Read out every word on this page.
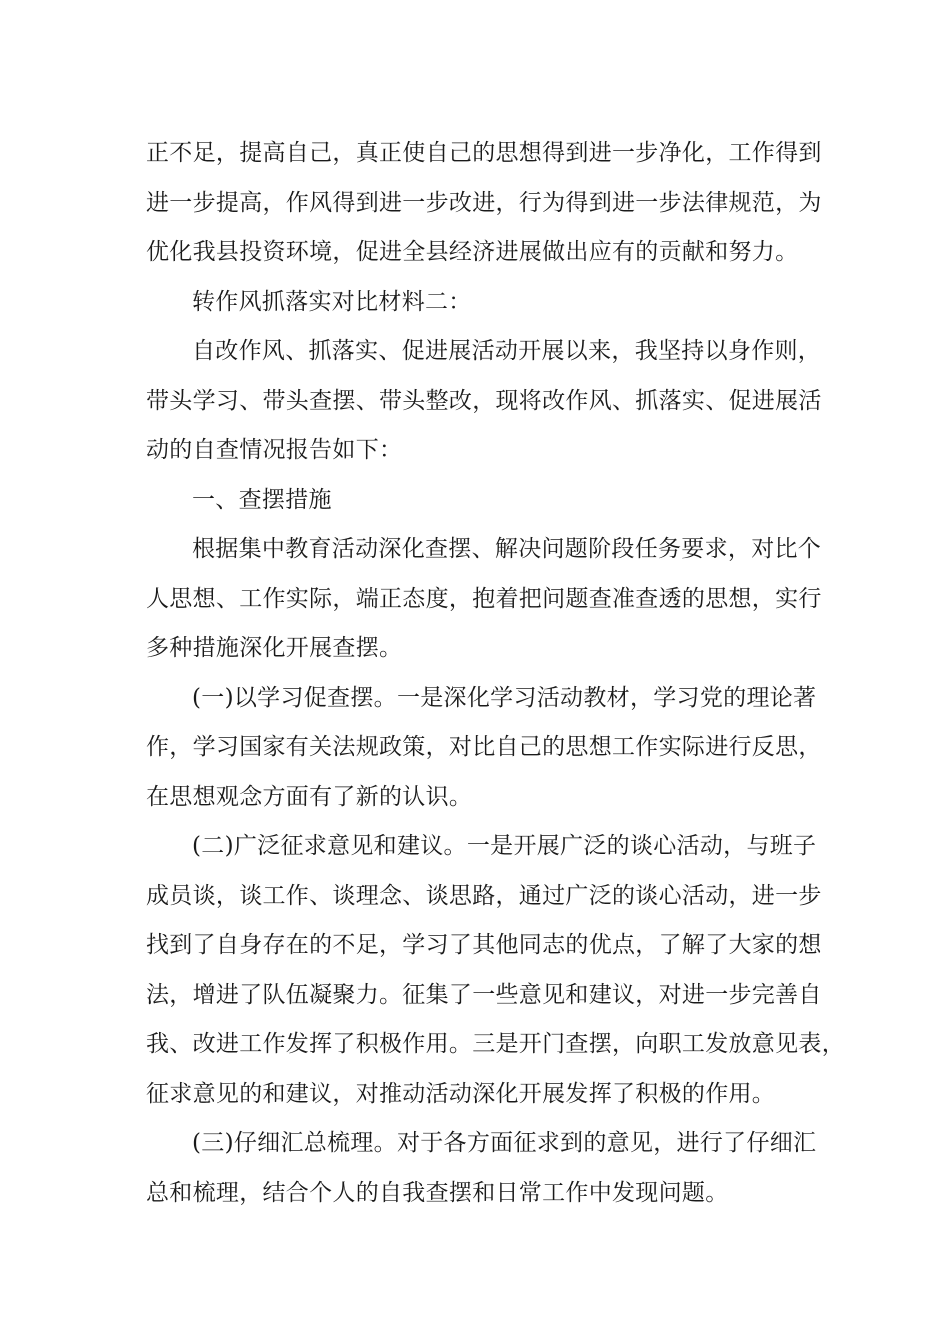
正不足，提高自己，真正使自己的思想得到进一步净化，工作得到
进一步提高，作风得到进一步改进，行为得到进一步法律规范，为
优化我县投资环境，促进全县经济进展做出应有的贡献和努力。
转作风抓落实对比材料二：
自改作风、抓落实、促进展活动开展以来，我坚持以身作则，
带头学习、带头查摆、带头整改，现将改作风、抓落实、促进展活
动的自查情况报告如下：
一、查摆措施
根据集中教育活动深化查摆、解决问题阶段任务要求，对比个
人思想、工作实际，端正态度，抱着把问题查准查透的思想，实行
多种措施深化开展查摆。
(一)以学习促查摆。一是深化学习活动教材，学习党的理论著
作，学习国家有关法规政策，对比自己的思想工作实际进行反思，
在思想观念方面有了新的认识。
(二)广泛征求意见和建议。一是开展广泛的谈心活动，与班子
成员谈，谈工作、谈理念、谈思路，通过广泛的谈心活动，进一步
找到了自身存在的不足，学习了其他同志的优点，了解了大家的想
法，增进了队伍凝聚力。征集了一些意见和建议，对进一步完善自
我、改进工作发挥了积极作用。三是开门查摆，向职工发放意见表，
征求意见的和建议，对推动活动深化开展发挥了积极的作用。
(三)仔细汇总梳理。对于各方面征求到的意见，进行了仔细汇
总和梳理，结合个人的自我查摆和日常工作中发现问题。
